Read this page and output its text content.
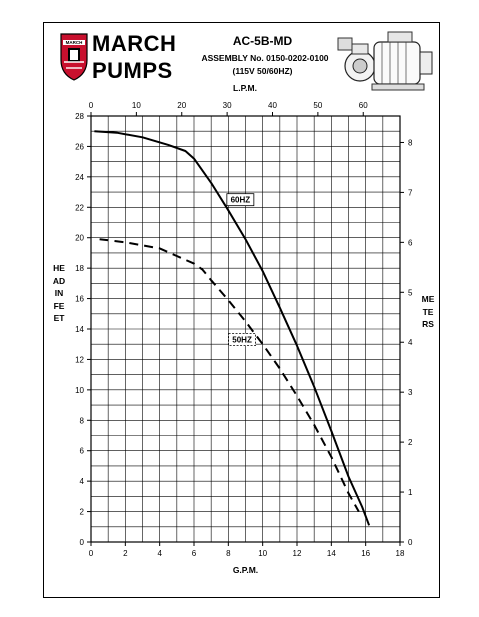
MARCH MARCH
PUMPS
AC-5B-MD
ASSEMBLY No. 0150-0202-0100
(115V 50/60HZ)
0	2	4	6	8	10	12	14	16	18
0
2
4
6
8
10
12
14
16
18
20
22
24
26
28
0	10	20	30	40	50	60
0
1
2
3
4
5
6
7
8
G.P.M.
L.P.M.
60HZ
50HZ
HEAD IN FEET
METERS
